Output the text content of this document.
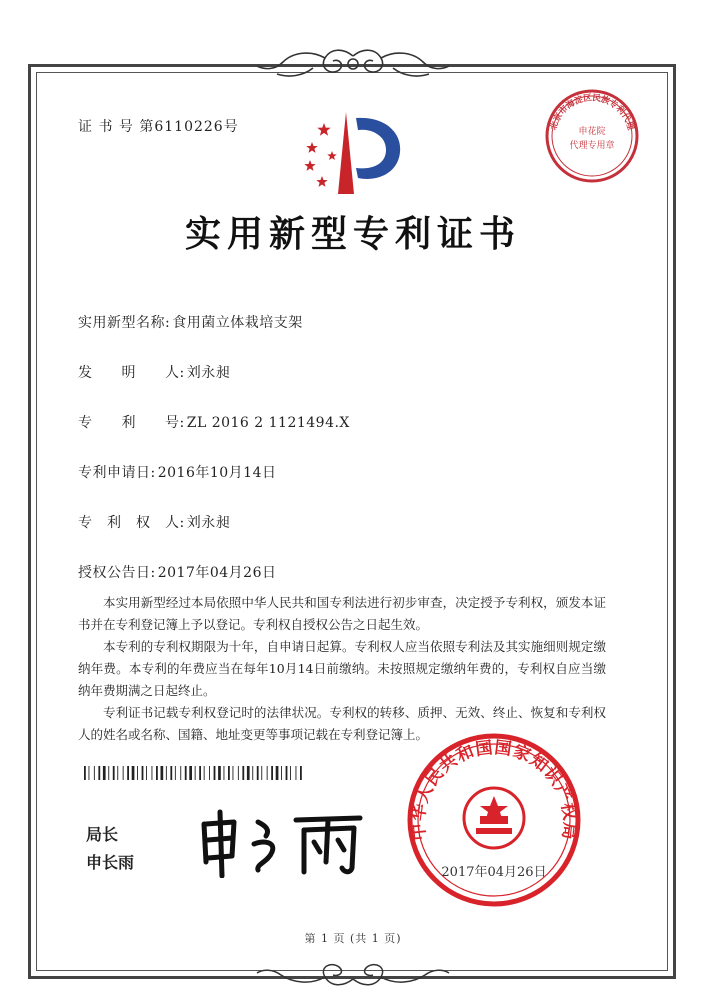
证 书 号 第6110226号
实用新型专利证书
实用新型名称: 食用菌立体栽培支架
发　　明　　人: 刘永昶
专　　利　　号: ZL 2016 2 1121494.X
专利申请日: 2016年10月14日
专　利　权　人: 刘永昶
授权公告日: 2017年04月26日

本实用新型经过本局依照中华人民共和国专利法进行初步审查，决定授予专利权，颁发本证书并在专利登记簿上予以登记。专利权自授权公告之日起生效。

本专利的专利权期限为十年，自申请日起算。专利权人应当依照专利法及其实施细则规定缴纳年费。本专利的年费应当在每年10月14日前缴纳。未按照规定缴纳年费的，专利权自应当缴纳年费期满之日起终止。

专利证书记载专利权登记时的法律状况。专利权的转移、质押、无效、终止、恢复和专利权人的姓名或名称、国籍、地址变更等事项记载在专利登记簿上。

局长
申长雨
中华人民共和国国家知识产权局
2017年04月26日
北京市海淀区民族专利代理
申花院
代理专用章
第 1 页 (共 1 页)
